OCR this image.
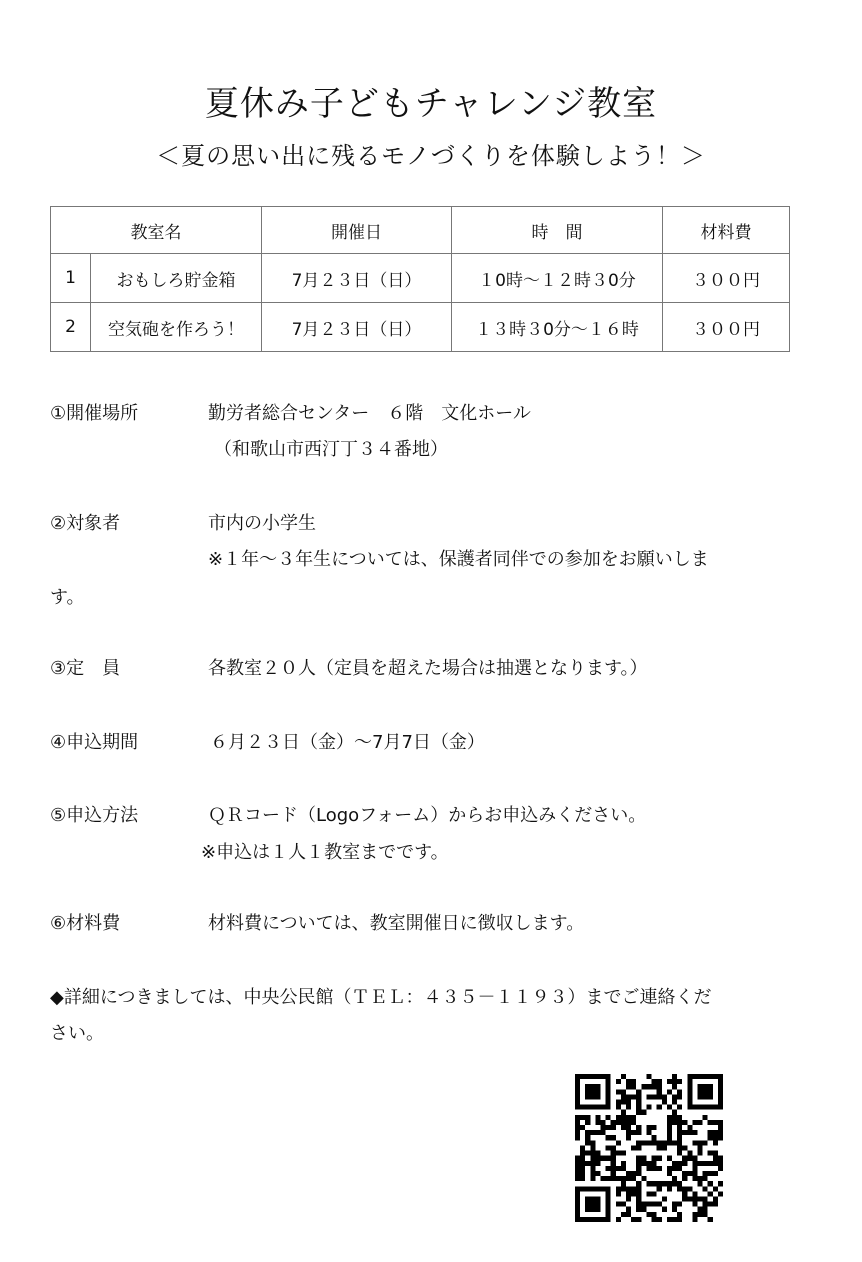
夏休み子どもチャレンジ教室
＜夏の思い出に残るモノづくりを体験しよう！＞
教室名		開催日	時　間	材料費
1	おもしろ貯金箱	7月２３日（日）	１0時〜１２時３0分	３００円
2	空気砲を作ろう！	7月２３日（日）	１３時３0分〜１６時	３００円
①開催場所	勤労者総合センター　６階　文化ホール
（和歌山市西汀丁３４番地）
②対象者	市内の小学生
※１年〜３年生については、保護者同伴での参加をお願いしま
す。
③定　員	各教室２０人（定員を超えた場合は抽選となります。）
④申込期間	６月２３日（金）〜7月7日（金）
⑤申込方法	ＱＲコード（Logoフォーム）からお申込みください。
※申込は１人１教室までです。
⑥材料費	材料費については、教室開催日に徴収します。
◆詳細につきましては、中央公民館（ＴＥＬ：４３５－１１９３）までご連絡くだ
さい。
